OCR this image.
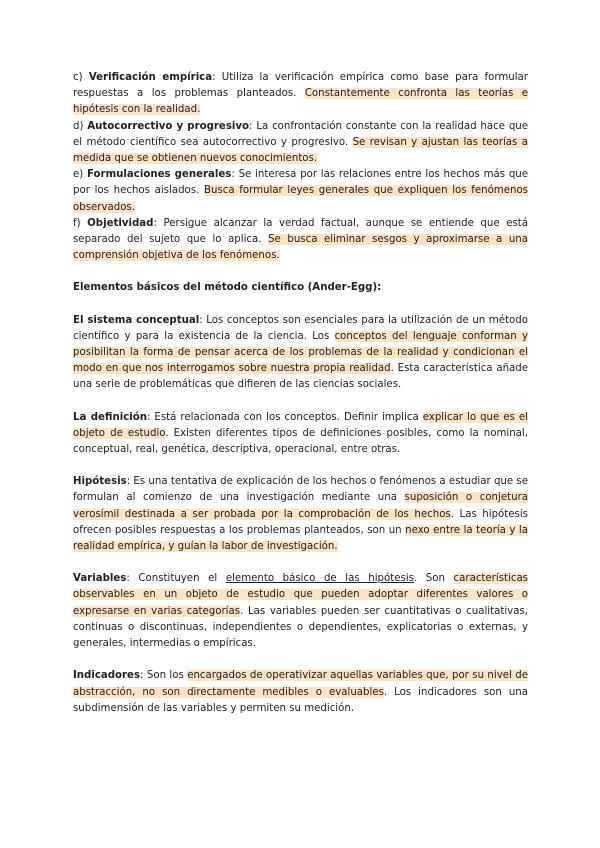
c) Verificación empírica: Utiliza la verificación empírica como base para formular respuestas a los problemas planteados. Constantemente confronta las teorías e hipótesis con la realidad.

d) Autocorrectivo y progresivo: La confrontación constante con la realidad hace que el método científico sea autocorrectivo y progresivo. Se revisan y ajustan las teorías a medida que se obtienen nuevos conocimientos.

e) Formulaciones generales: Se interesa por las relaciones entre los hechos más que por los hechos aislados. Busca formular leyes generales que expliquen los fenómenos observados.

f) Objetividad: Persigue alcanzar la verdad factual, aunque se entiende que está separado del sujeto que lo aplica. Se busca eliminar sesgos y aproximarse a una comprensión objetiva de los fenómenos.

Elementos básicos del método científico (Ander-Egg):

El sistema conceptual: Los conceptos son esenciales para la utilización de un método científico y para la existencia de la ciencia. Los conceptos del lenguaje conforman y posibilitan la forma de pensar acerca de los problemas de la realidad y condicionan el modo en que nos interrogamos sobre nuestra propia realidad. Esta característica añade una serie de problemáticas que difieren de las ciencias sociales.

La definición: Está relacionada con los conceptos. Definir implica explicar lo que es el objeto de estudio. Existen diferentes tipos de definiciones posibles, como la nominal, conceptual, real, genética, descriptiva, operacional, entre otras.

Hipótesis: Es una tentativa de explicación de los hechos o fenómenos a estudiar que se formulan al comienzo de una investigación mediante una suposición o conjetura verosímil destinada a ser probada por la comprobación de los hechos. Las hipótesis ofrecen posibles respuestas a los problemas planteados, son un nexo entre la teoría y la realidad empírica, y guían la labor de investigación.

Variables: Constituyen el elemento básico de las hipótesis. Son características observables en un objeto de estudio que pueden adoptar diferentes valores o expresarse en varias categorías. Las variables pueden ser cuantitativas o cualitativas, continuas o discontinuas, independientes o dependientes, explicatorias o externas, y generales, intermedias o empíricas.

Indicadores: Son los encargados de operativizar aquellas variables que, por su nivel de abstracción, no son directamente medibles o evaluables. Los indicadores son una subdimensión de las variables y permiten su medición.
